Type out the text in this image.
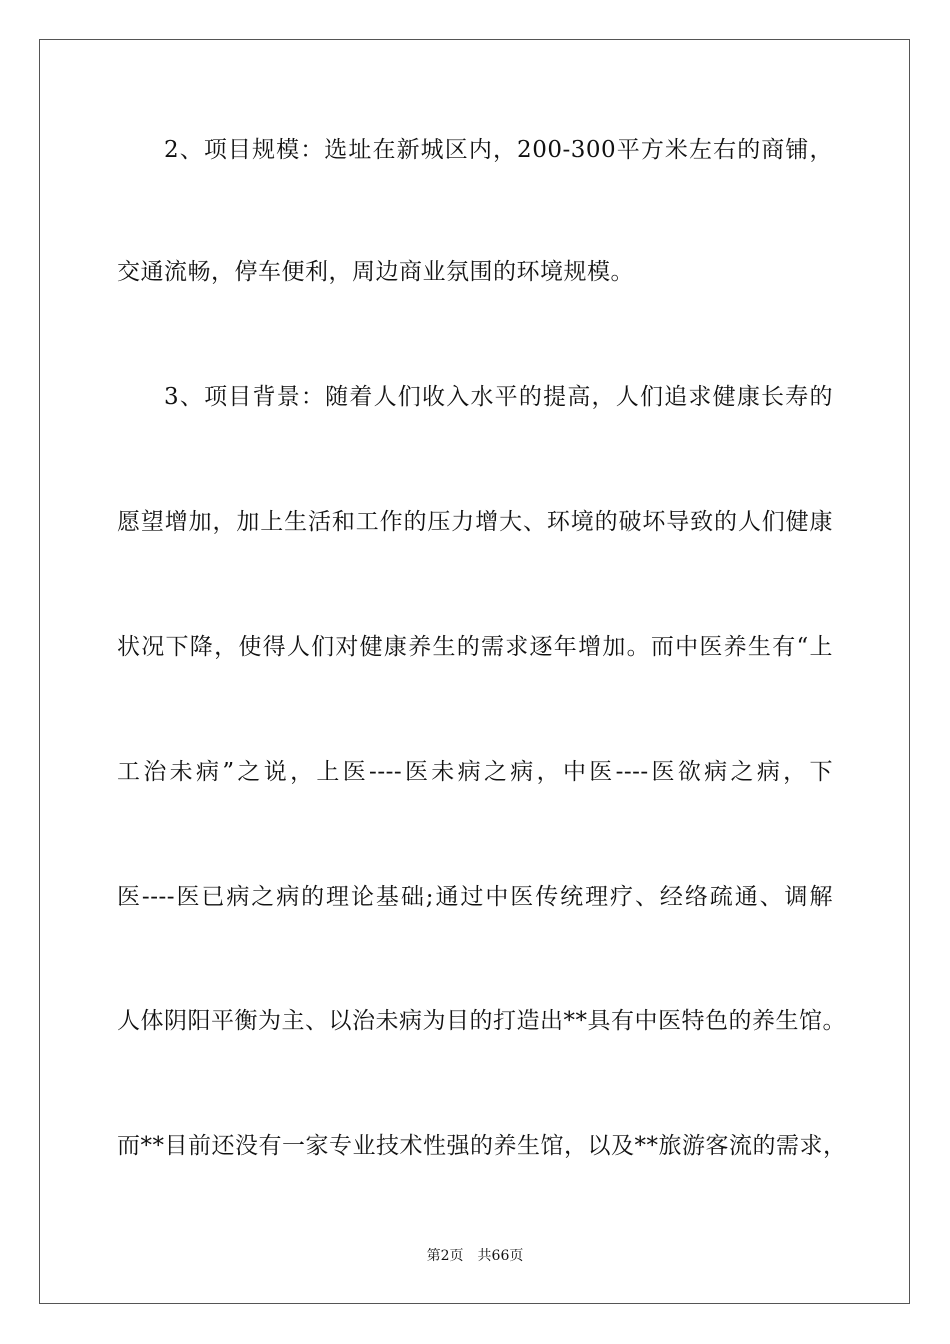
2、项目规模：选址在新城区内，200-300平方米左右的商铺，
交通流畅，停车便利，周边商业氛围的环境规模。
3、项目背景：随着人们收入水平的提高，人们追求健康长寿的
愿望增加，加上生活和工作的压力增大、环境的破坏导致的人们健康
状况下降，使得人们对健康养生的需求逐年增加。而中医养生有“上
工治未病”之说，上医----医未病之病，中医----医欲病之病，下
医----医已病之病的理论基础;通过中医传统理疗、经络疏通、调解
人体阴阳平衡为主、以治未病为目的打造出**具有中医特色的养生馆。
而**目前还没有一家专业技术性强的养生馆，以及**旅游客流的需求，
第2页 共66页
